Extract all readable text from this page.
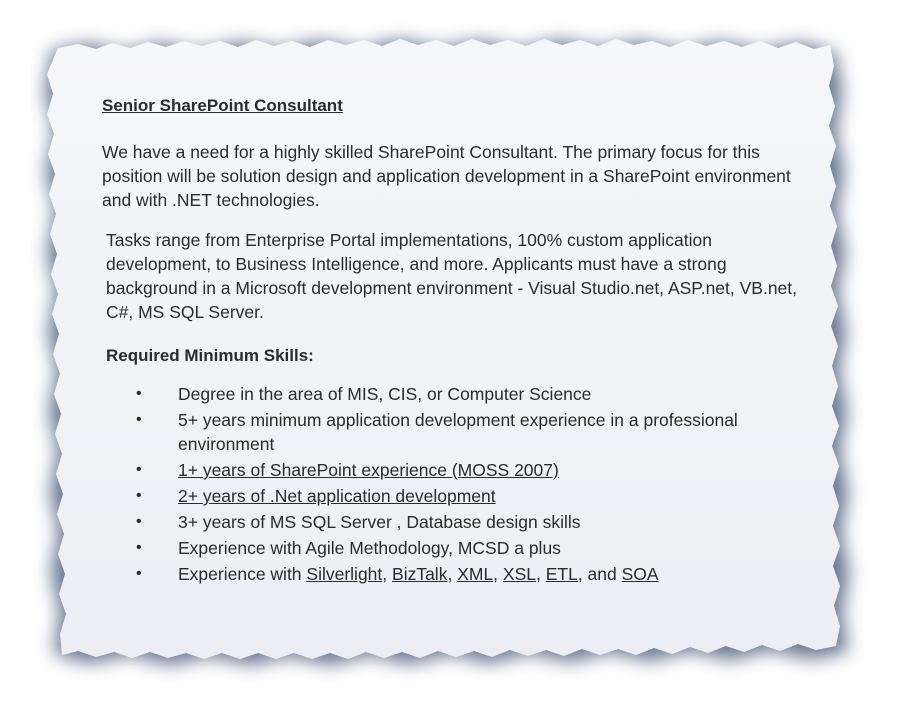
Senior SharePoint Consultant
We have a need for a highly skilled SharePoint Consultant. The primary focus for this position will be solution design and application development in a SharePoint environment and with .NET technologies.
Tasks range from Enterprise Portal implementations, 100% custom application development, to Business Intelligence, and more. Applicants must have a strong background in a Microsoft development environment - Visual Studio.net, ASP.net, VB.net, C#, MS SQL Server.
Required Minimum Skills:
• Degree in the area of MIS, CIS, or Computer Science
• 5+ years minimum application development experience in a professional environment
• 1+ years of SharePoint experience (MOSS 2007)
• 2+ years of .Net application development
• 3+ years of MS SQL Server , Database design skills
• Experience with Agile Methodology, MCSD a plus
• Experience with Silverlight, BizTalk, XML, XSL, ETL, and SOA
